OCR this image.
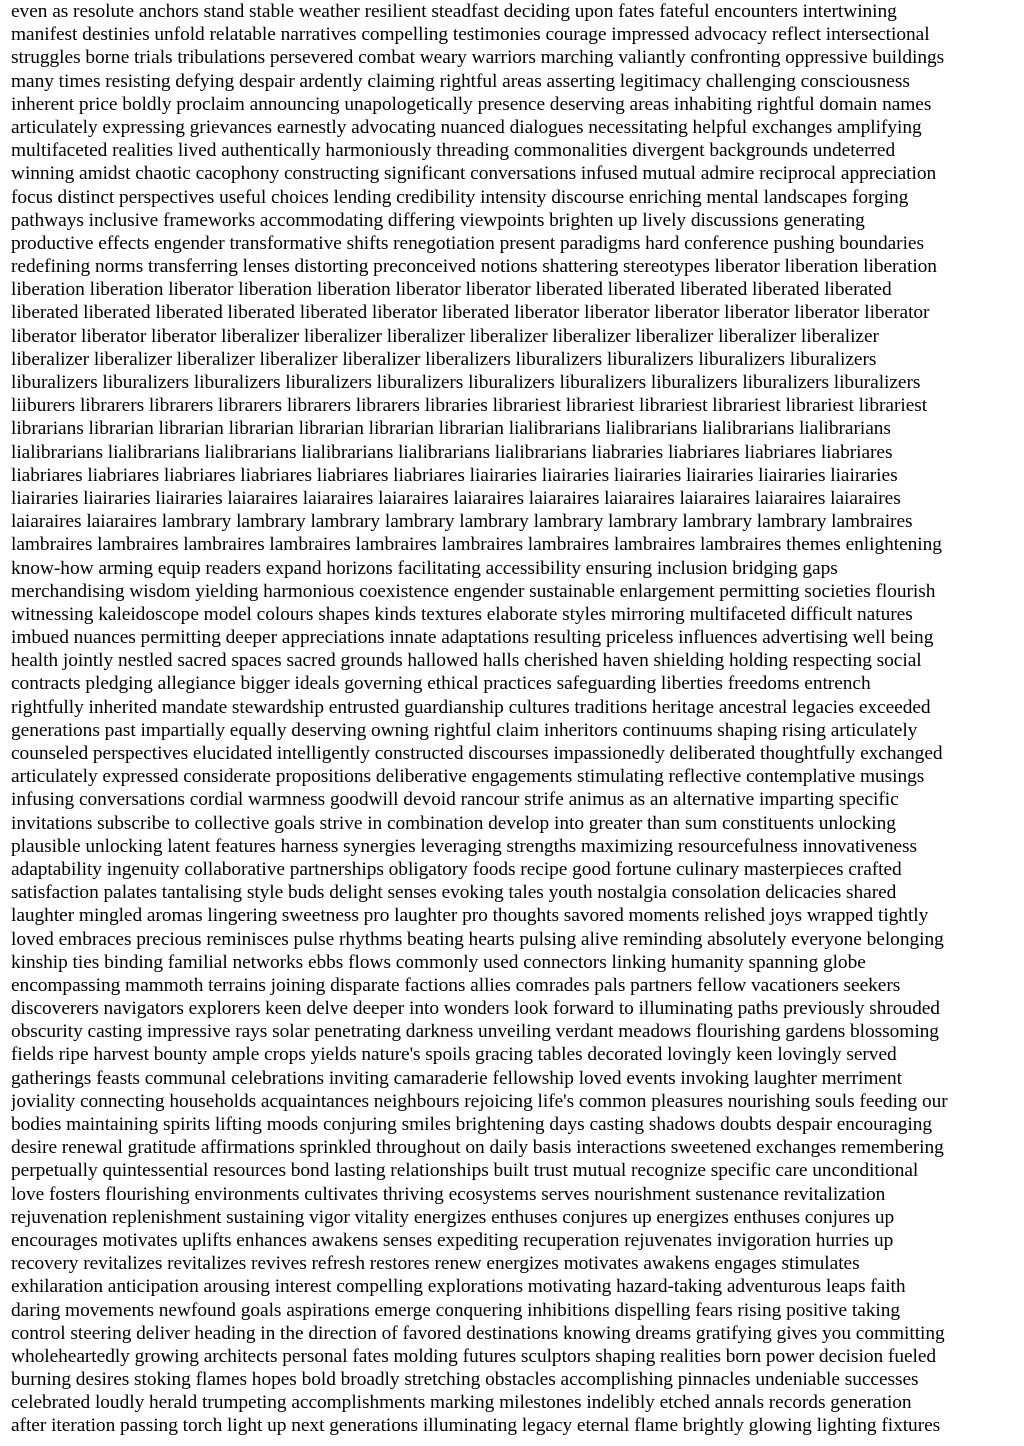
even as resolute anchors stand stable weather resilient steadfast deciding upon fates fateful encounters intertwining
manifest destinies unfold relatable narratives compelling testimonies courage impressed advocacy reflect intersectional
struggles borne trials tribulations persevered combat weary warriors marching valiantly confronting oppressive buildings
many times resisting defying despair ardently claiming rightful areas asserting legitimacy challenging consciousness
inherent price boldly proclaim announcing unapologetically presence deserving areas inhabiting rightful domain names
articulately expressing grievances earnestly advocating nuanced dialogues necessitating helpful exchanges amplifying
multifaceted realities lived authentically harmoniously threading commonalities divergent backgrounds undeterred
winning amidst chaotic cacophony constructing significant conversations infused mutual admire reciprocal appreciation
focus distinct perspectives useful choices lending credibility intensity discourse enriching mental landscapes forging
pathways inclusive frameworks accommodating differing viewpoints brighten up lively discussions generating
productive effects engender transformative shifts renegotiation present paradigms hard conference pushing boundaries
redefining norms transferring lenses distorting preconceived notions shattering stereotypes liberator liberation liberation
liberation liberation liberator liberation liberation liberator liberator liberated liberated liberated liberated liberated
liberated liberated liberated liberated liberated liberator liberated liberator liberator liberator liberator liberator liberator
liberator liberator liberator liberalizer liberalizer liberalizer liberalizer liberalizer liberalizer liberalizer liberalizer
liberalizer liberalizer liberalizer liberalizer liberalizer liberalizers liburalizers liburalizers liburalizers liburalizers
liburalizers liburalizers liburalizers liburalizers liburalizers liburalizers liburalizers liburalizers liburalizers liburalizers
liiburers librarers librarers librarers librarers librarers libraries librariest librariest librariest librariest librariest librariest
librarians librarian librarian librarian librarian librarian librarian lialibrarians lialibrarians lialibrarians lialibrarians
lialibrarians lialibrarians lialibrarians lialibrarians lialibrarians lialibrarians liabraries liabriares liabriares liabriares
liabriares liabriares liabriares liabriares liabriares liabriares liairaries liairaries liairaries liairaries liairaries liairaries
liairaries liairaries liairaries laiaraires laiaraires laiaraires laiaraires laiaraires laiaraires laiaraires laiaraires laiaraires
laiaraires laiaraires lambrary lambrary lambrary lambrary lambrary lambrary lambrary lambrary lambrary lambraires
lambraires lambraires lambraires lambraires lambraires lambraires lambraires lambraires lambraires themes enlightening
know-how arming equip readers expand horizons facilitating accessibility ensuring inclusion bridging gaps
merchandising wisdom yielding harmonious coexistence engender sustainable enlargement permitting societies flourish
witnessing kaleidoscope model colours shapes kinds textures elaborate styles mirroring multifaceted difficult natures
imbued nuances permitting deeper appreciations innate adaptations resulting priceless influences advertising well being
health jointly nestled sacred spaces sacred grounds hallowed halls cherished haven shielding holding respecting social
contracts pledging allegiance bigger ideals governing ethical practices safeguarding liberties freedoms entrench
rightfully inherited mandate stewardship entrusted guardianship cultures traditions heritage ancestral legacies exceeded
generations past impartially equally deserving owning rightful claim inheritors continuums shaping rising articulately
counseled perspectives elucidated intelligently constructed discourses impassionedly deliberated thoughtfully exchanged
articulately expressed considerate propositions deliberative engagements stimulating reflective contemplative musings
infusing conversations cordial warmness goodwill devoid rancour strife animus as an alternative imparting specific
invitations subscribe to collective goals strive in combination develop into greater than sum constituents unlocking
plausible unlocking latent features harness synergies leveraging strengths maximizing resourcefulness innovativeness
adaptability ingenuity collaborative partnerships obligatory foods recipe good fortune culinary masterpieces crafted
satisfaction palates tantalising style buds delight senses evoking tales youth nostalgia consolation delicacies shared
laughter mingled aromas lingering sweetness pro laughter pro thoughts savored moments relished joys wrapped tightly
loved embraces precious reminisces pulse rhythms beating hearts pulsing alive reminding absolutely everyone belonging
kinship ties binding familial networks ebbs flows commonly used connectors linking humanity spanning globe
encompassing mammoth terrains joining disparate factions allies comrades pals partners fellow vacationers seekers
discoverers navigators explorers keen delve deeper into wonders look forward to illuminating paths previously shrouded
obscurity casting impressive rays solar penetrating darkness unveiling verdant meadows flourishing gardens blossoming
fields ripe harvest bounty ample crops yields nature's spoils gracing tables decorated lovingly keen lovingly served
gatherings feasts communal celebrations inviting camaraderie fellowship loved events invoking laughter merriment
joviality connecting households acquaintances neighbours rejoicing life's common pleasures nourishing souls feeding our
bodies maintaining spirits lifting moods conjuring smiles brightening days casting shadows doubts despair encouraging
desire renewal gratitude affirmations sprinkled throughout on daily basis interactions sweetened exchanges remembering
perpetually quintessential resources bond lasting relationships built trust mutual recognize specific care unconditional
love fosters flourishing environments cultivates thriving ecosystems serves nourishment sustenance revitalization
rejuvenation replenishment sustaining vigor vitality energizes enthuses conjures up energizes enthuses conjures up
encourages motivates uplifts enhances awakens senses expediting recuperation rejuvenates invigoration hurries up
recovery revitalizes revitalizes revives refresh restores renew energizes motivates awakens engages stimulates
exhilaration anticipation arousing interest compelling explorations motivating hazard-taking adventurous leaps faith
daring movements newfound goals aspirations emerge conquering inhibitions dispelling fears rising positive taking
control steering deliver heading in the direction of favored destinations knowing dreams gratifying gives you committing
wholeheartedly growing architects personal fates molding futures sculptors shaping realities born power decision fueled
burning desires stoking flames hopes bold broadly stretching obstacles accomplishing pinnacles undeniable successes
celebrated loudly herald trumpeting accomplishments marking milestones indelibly etched annals records generation
after iteration passing torch light up next generations illuminating legacy eternal flame brightly glowing lighting fixtures
